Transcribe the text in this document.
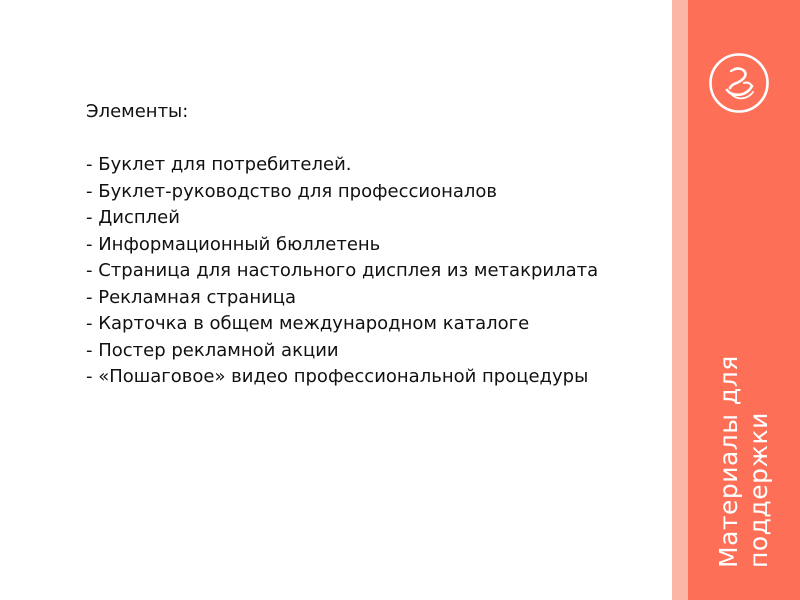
Элементы:
- Буклет для потребителей.
- Буклет-руководство для профессионалов
- Дисплей
- Информационный бюллетень
- Страница для настольного дисплея из метакрилата
- Рекламная страница
- Карточка в общем международном каталоге
- Постер рекламной акции
- «Пошаговое» видео профессиональной процедуры	Материалы для поддержки
